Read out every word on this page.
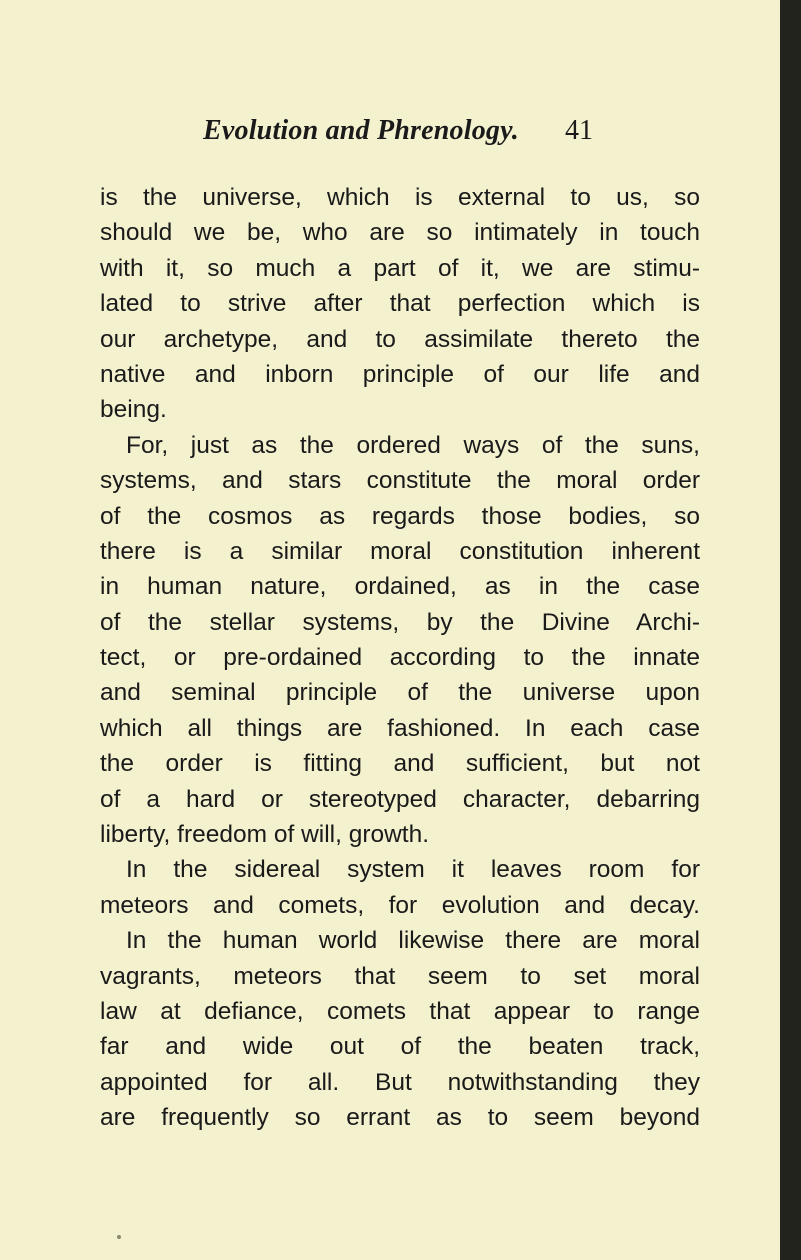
Evolution and Phrenology. 41
is the universe, which is external to us, so
should we be, who are so intimately in touch
with it, so much a part of it, we are stimu-
lated to strive after that perfection which is
our archetype, and to assimilate thereto the
native and inborn principle of our life and
being.
For, just as the ordered ways of the suns,
systems, and stars constitute the moral order
of the cosmos as regards those bodies, so
there is a similar moral constitution inherent
in human nature, ordained, as in the case
of the stellar systems, by the Divine Archi-
tect, or pre-ordained according to the innate
and seminal principle of the universe upon
which all things are fashioned. In each case
the order is fitting and sufficient, but not
of a hard or stereotyped character, debarring
liberty, freedom of will, growth.
In the sidereal system it leaves room for
meteors and comets, for evolution and decay.
In the human world likewise there are moral
vagrants, meteors that seem to set moral
law at defiance, comets that appear to range
far and wide out of the beaten track,
appointed for all. But notwithstanding they
are frequently so errant as to seem beyond
